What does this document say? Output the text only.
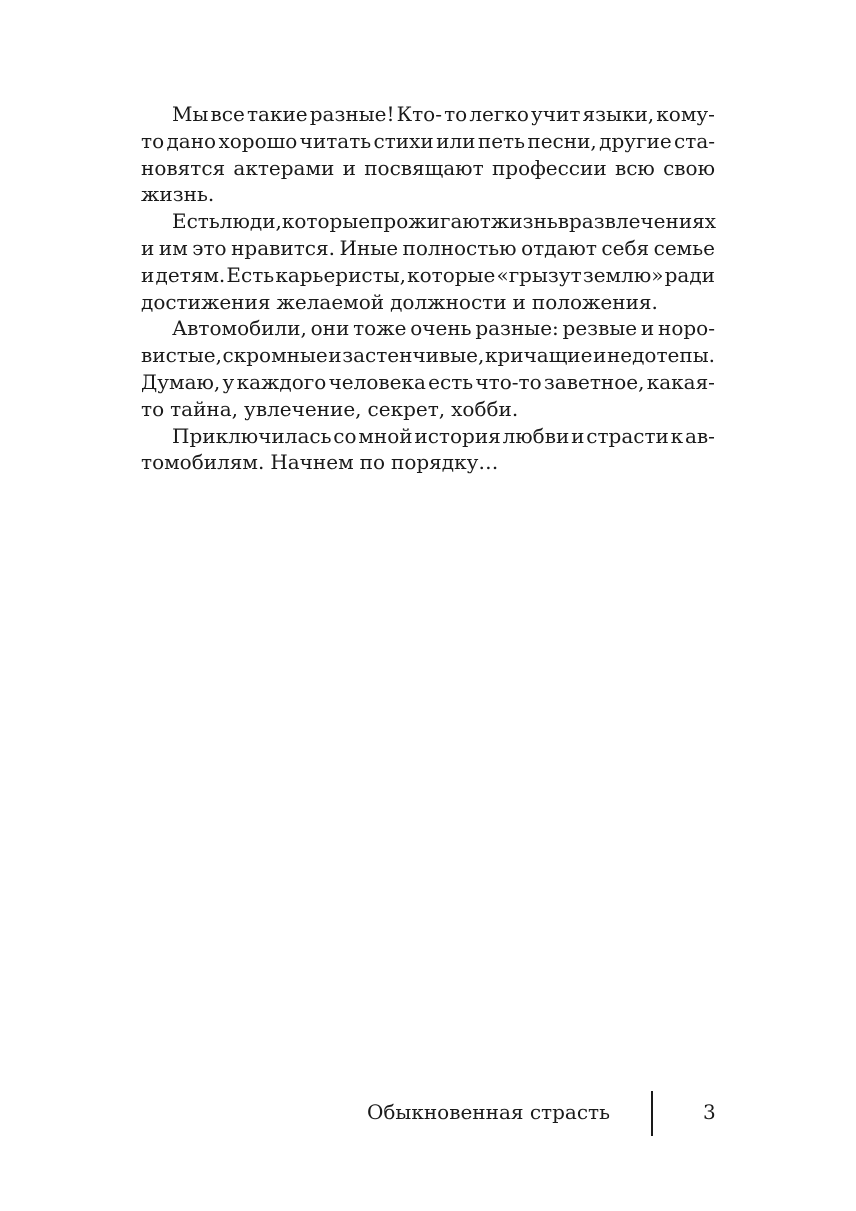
Мы все такие разные! Кто- то легко учит языки, кому-
то дано хорошо читать стихи или петь песни, другие ста-
новятся актерами и посвящают профессии всю свою
жизнь.
Есть люди, которые прожигают жизнь в развлечениях
и им это нравится. Иные полностью отдают себя семье
и детям. Есть карьеристы, которые «грызут землю» ради
достижения желаемой должности и положения.
Автомобили, они тоже очень разные: резвые и норо-
вистые, скромные и застенчивые, кричащие и недотепы.
Думаю, у каждого человека есть что-то заветное, какая-
то тайна, увлечение, секрет, хобби.
Приключилась со мной история любви и страсти к ав-
томобилям. Начнем по порядку…
Обыкновенная страсть	3
